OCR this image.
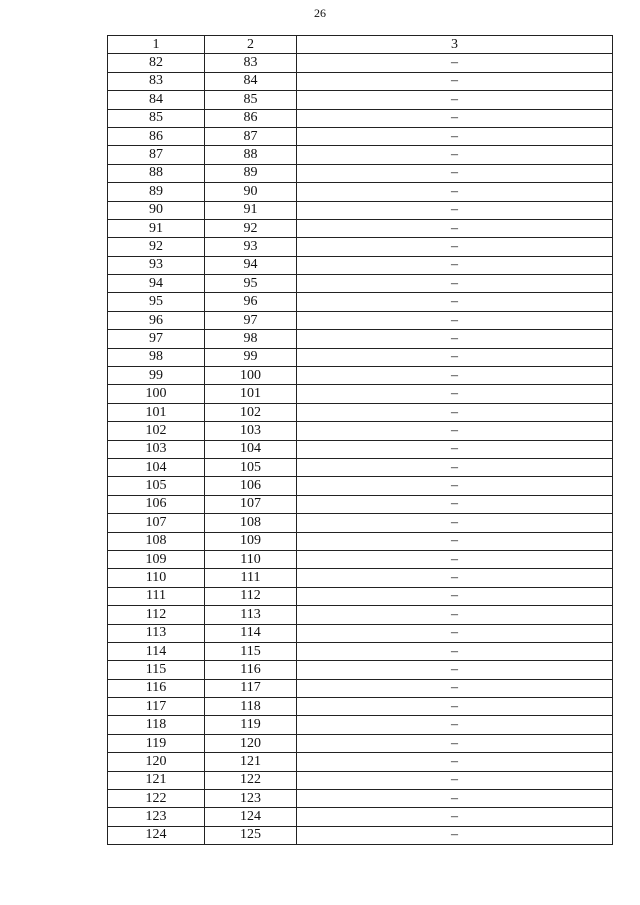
26
1	2	3
82	83	–
83	84	–
84	85	–
85	86	–
86	87	–
87	88	–
88	89	–
89	90	–
90	91	–
91	92	–
92	93	–
93	94	–
94	95	–
95	96	–
96	97	–
97	98	–
98	99	–
99	100	–
100	101	–
101	102	–
102	103	–
103	104	–
104	105	–
105	106	–
106	107	–
107	108	–
108	109	–
109	110	–
110	111	–
111	112	–
112	113	–
113	114	–
114	115	–
115	116	–
116	117	–
117	118	–
118	119	–
119	120	–
120	121	–
121	122	–
122	123	–
123	124	–
124	125	–
